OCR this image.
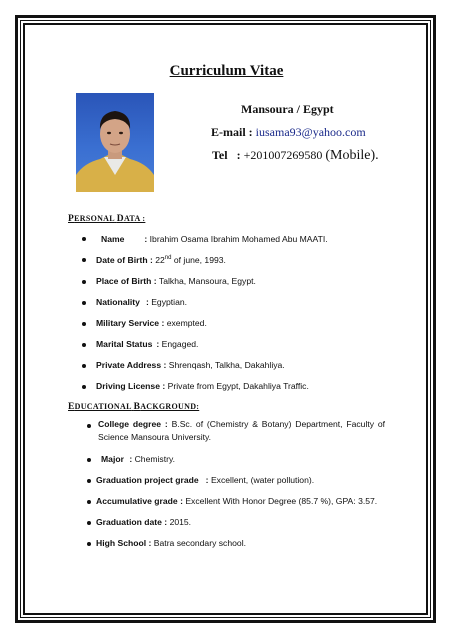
Curriculum Vitae
Mansoura / Egypt
E-mail : iusama93@yahoo.com
Tel   : +201007269580 (Mobile).
PERSONAL DATA :
Name : Ibrahim Osama Ibrahim Mohamed Abu MAATI.
Date of Birth : 22nd of june, 1993.
Place of Birth : Talkha, Mansoura, Egypt.
Nationality : Egyptian.
Military Service : exempted.
Marital Status : Engaged.
Private Address : Shrenqash, Talkha, Dakahliya.
Driving License : Private from Egypt, Dakahliya Traffic.
EDUCATIONAL BACKGROUND:
College degree : B.Sc. of (Chemistry & Botany) Department, Faculty of Science Mansoura University.
Major : Chemistry.
Graduation project grade : Excellent, (water pollution).
Accumulative grade : Excellent With Honor Degree (85.7 %), GPA: 3.57.
Graduation date : 2015.
High School : Batra secondary school.
